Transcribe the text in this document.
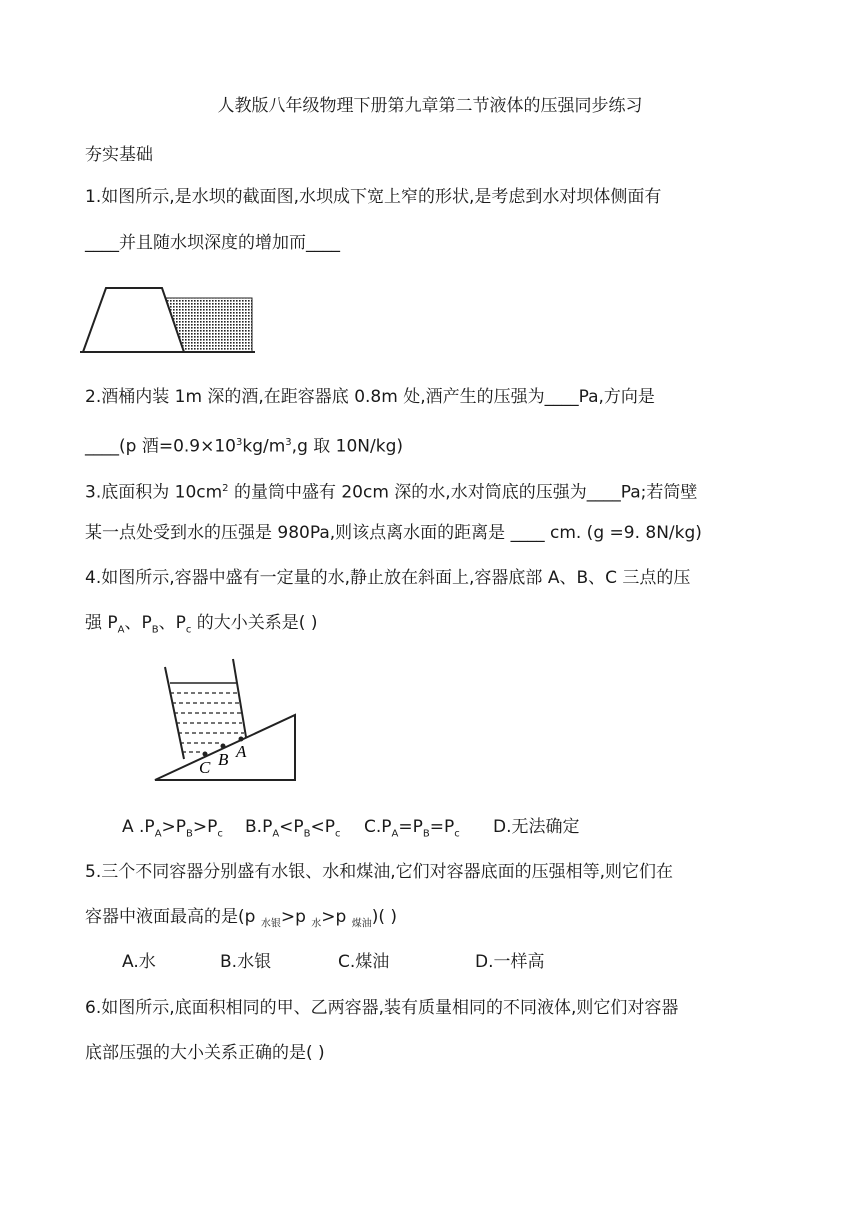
人教版八年级物理下册第九章第二节液体的压强同步练习
夯实基础
1.如图所示,是水坝的截面图,水坝成下宽上窄的形状,是考虑到水对坝体侧面有
____并且随水坝深度的增加而____
2.酒桶内装 1m 深的酒,在距容器底 0.8m 处,酒产生的压强为____Pa,方向是
____(p 酒$=0.9\times 10^3kg/m^3,g$ 取 10N/kg)
3.底面积为 $10cm^2$ 的量筒中盛有 20cm 深的水,水对筒底的压强为____Pa;若筒壁
某一点处受到水的压强是 980Pa,则该点离水面的距离是 ____ cm. (g =9. 8N/kg)
4.如图所示,容器中盛有一定量的水,静止放在斜面上,容器底部 A、B、C 三点的压
强 $P_A$、$P_B$、$P_c$ 的大小关系是( )
C B A
A $.P_A>P_B>P_c$ $B.P_A<P_B<P_c$ $C.P_A=P_B=P_c$ D.无法确定
5.三个不同容器分别盛有水银、水和煤油,它们对容器底面的压强相等,则它们在
容器中液面最高的是(p $_{水银}$>p $_水$>p $_{煤油}$)( )
A.水	B.水银	C.煤油	D.一样高
6.如图所示,底面积相同的甲、乙两容器,装有质量相同的不同液体,则它们对容器
底部压强的大小关系正确的是( )
